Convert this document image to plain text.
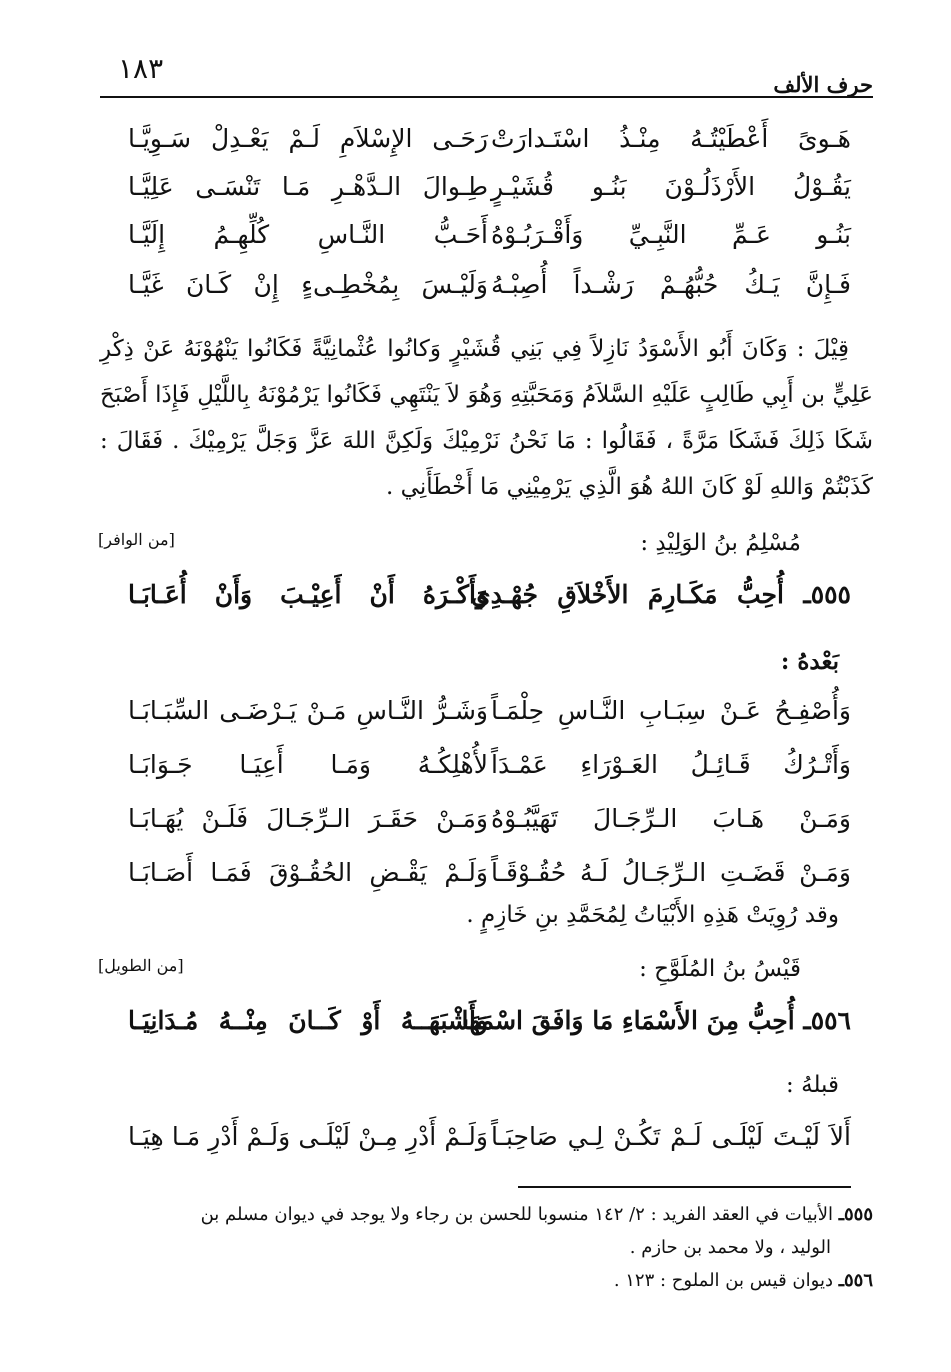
١٨٣	حرف الألف
هَـوىً أَعْطَيْتُـهُ مِنْـذُ اسْتَـدارَتْ
رَحَـى الإِسْلاَمِ لَـمْ يَعْـدِلْ سَـوِيَّـا
يَقُـوْلُ الأَرْذَلُـوْنَ بَنُـو قُشَيْـرٍ
طِـوالَ الـدَّهْـرِ مَـا تَنْسَـى عَلِيَّـا
بَنُـو عَـمِّ النَّبِـيِّ وَأَقْـرَبُـوْهُ
أَحَـبُّ النَّـاسِ كُلِّهِـمُ إِلَيَّـا
فَـإِنَّ يَـكُ حُبُّهُـمْ رَشْـداً أُصِبْـهُ
وَلَيْـسَ بِمُخْطِـىءٍ إِنْ كَـانَ غَيَّـا

قِيْلَ : وَكَانَ أَبُو الأَسْوَدُ نَازِلاً فِي بَنِي قُشَيْرٍ وَكانُوا عُثْمانِيَّةً فَكَانُوا يَنْهُوْنَهُ عَنْ ذِكْرِ عَلِيٍّ بن أَبِي طَالِبٍ عَلَيْهِ السَّلاَمُ وَمَحَبَّتِهِ وَهُوَ لاَ يَنْتَهِي فَكَانُوا يَرْمُوْنَهُ بِاللَّيْلِ فَإِذَا أَصْبَحَ شَكَا ذَلِكَ فَشَكَا مَرَّةً ، فَقَالُوا : مَا نَحْنُ نَرْمِيْكَ وَلَكِنَّ اللهَ عَزَّ وَجَلَّ يَرْمِيْكَ . فَقَالَ : كَذَبْتُمْ وَاللهِ لَوْ كَانَ اللهُ هُوَ الَّذِي يَرْمِيْنِي مَا أَخْطَأَنِي .

مُسْلِمُ بنُ الوَلِيْدِ :
[من الوافر]
٥٥٥ـ أُحِبُّ مَكَـارِمَ الأَخْلاَقِ جُهْـدِي
وَأَكْـرَهُ أَنْ أَعِيْـبَ وَأَنْ أُعَـابَـا
بَعْدهُ :
وَأُصْفِـحُ عَـنْ سِبَـابِ النَّـاسِ حِلْمَـاً
وَشَـرُّ النَّـاسِ مَـنْ يَـرْضَـى السِّبَـابَـا
وَأَتْـرُكُ قَـائِـلُ العَـوْرَاءِ عَمْـدَاً
لأُهْلِكُـهُ وَمَـا أَعِيَـا جَـوَابَـا
وَمَـنْ هَـابَ الـرِّجَـالَ تَهَيَّبُـوْهُ
وَمَـنْ حَقَـرَ الـرِّجَـالَ فَلَـنْ يُهَـابَـا
وَمَـنْ قَضَـتِ الـرِّجَـالُ لَـهُ حُقُـوْقَـاً
وَلَـمْ يَقْـضِ الحُقُـوْقَ فَمَـا أَصَـابَـا
وقد رُوِيَتْ هَذِهِ الأَبْيَاتُ لِمُحَمَّدِ بنِ خَازِمٍ .
قَيْسُ بنُ المُلَوَّحِ :
[من الطويل]
٥٥٦ـ أُحِبُّ مِنَ الأَسْمَاءِ مَا وَافَقَ اسْمَهَا
وَأَشْبَهَــهُ أَوْ كَــانَ مِنْــهُ مُـدَانِيَـا
قبلهُ :
أَلاَ لَيْـتَ لَيْلَـى لَـمْ تَكُـنْ لِـي صَاحِبَـاً
وَلَـمْ أَدْرِ مِـنْ لَيْلَـى وَلَـمْ أَدْرِ مَـا هِيَـا

٥٥٥ـ الأبيات في العقد الفريد : ٢/ ١٤٢ منسوبا للحسن بن رجاء ولا يوجد في ديوان مسلم بن

الوليد ، ولا محمد بن حازم .

٥٥٦ـ ديوان قيس بن الملوح : ١٢٣ .
